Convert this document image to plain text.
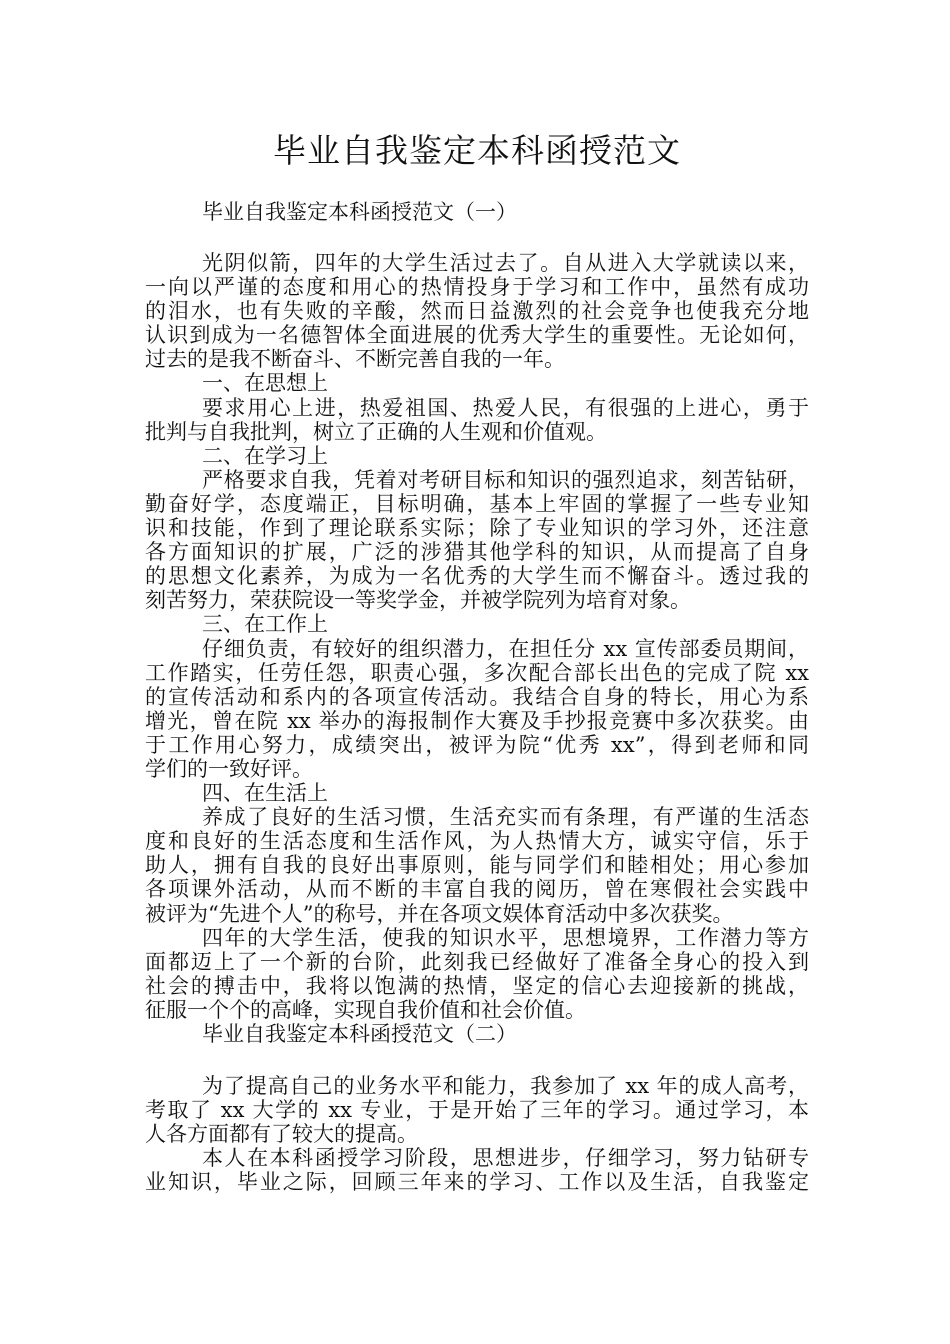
毕业自我鉴定本科函授范文

毕业自我鉴定本科函授范文（一）

光阴似箭，四年的大学生活过去了。自从进入大学就读以来，

一向以严谨的态度和用心的热情投身于学习和工作中，虽然有成功

的泪水，也有失败的辛酸，然而日益激烈的社会竞争也使我充分地

认识到成为一名德智体全面进展的优秀大学生的重要性。无论如何，

过去的是我不断奋斗、不断完善自我的一年。

一、在思想上

要求用心上进，热爱祖国、热爱人民，有很强的上进心，勇于

批判与自我批判，树立了正确的人生观和价值观。

二、在学习上

严格要求自我，凭着对考研目标和知识的强烈追求，刻苦钻研，

勤奋好学，态度端正，目标明确，基本上牢固的掌握了一些专业知

识和技能，作到了理论联系实际；除了专业知识的学习外，还注意

各方面知识的扩展，广泛的涉猎其他学科的知识，从而提高了自身

的思想文化素养，为成为一名优秀的大学生而不懈奋斗。透过我的

刻苦努力，荣获院设一等奖学金，并被学院列为培育对象。

三、在工作上

仔细负责，有较好的组织潜力，在担任分 xx 宣传部委员期间，

工作踏实，任劳任怨，职责心强，多次配合部长出色的完成了院 xx

的宣传活动和系内的各项宣传活动。我结合自身的特长，用心为系

增光，曾在院 xx 举办的海报制作大赛及手抄报竞赛中多次获奖。由

于工作用心努力，成绩突出，被评为院“优秀 xx”，得到老师和同

学们的一致好评。

四、在生活上

养成了良好的生活习惯，生活充实而有条理，有严谨的生活态

度和良好的生活态度和生活作风，为人热情大方，诚实守信，乐于

助人，拥有自我的良好出事原则，能与同学们和睦相处；用心参加

各项课外活动，从而不断的丰富自我的阅历，曾在寒假社会实践中

被评为“先进个人”的称号，并在各项文娱体育活动中多次获奖。

四年的大学生活，使我的知识水平，思想境界，工作潜力等方

面都迈上了一个新的台阶，此刻我已经做好了准备全身心的投入到

社会的搏击中，我将以饱满的热情，坚定的信心去迎接新的挑战，

征服一个个的高峰，实现自我价值和社会价值。

毕业自我鉴定本科函授范文（二）

为了提高自己的业务水平和能力，我参加了 xx 年的成人高考，

考取了 xx 大学的 xx 专业，于是开始了三年的学习。通过学习，本

人各方面都有了较大的提高。

本人在本科函授学习阶段，思想进步，仔细学习，努力钻研专

业知识，毕业之际，回顾三年来的学习、工作以及生活，自我鉴定
